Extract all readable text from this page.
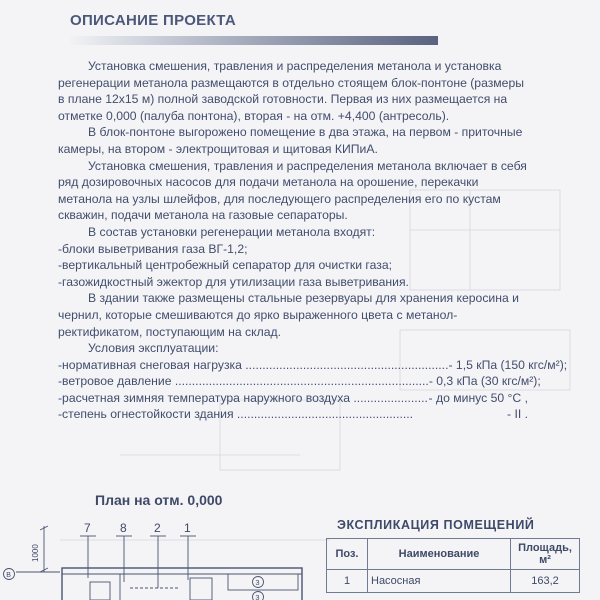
ОПИСАНИЕ ПРОЕКТА

Установка смешения, травления и распределения метанола и установка регенерации метанола размещаются в отдельно стоящем блок-понтоне (размеры в плане 12х15 м) полной заводской готовности. Первая из них размещается на отметке 0,000 (палуба понтона), вторая - на отм. +4,400 (антресоль).

В блок-понтоне выгорожено помещение в два этажа, на первом - приточные камеры, на втором - электрощитовая и щитовая КИПиА.

Установка смешения, травления и распределения метанола включает в себя ряд дозировочных насосов для подачи метанола на орошение, перекачки метанола на узлы шлейфов, для последующего распределения его по кустам скважин, подачи метанола на газовые сепараторы.

В состав установки регенерации метанола входят:

-блоки выветривания газа ВГ-1,2;

-вертикальный центробежный сепаратор для очистки газа;

-газожидкостный эжектор для утилизации газа выветривания.

В здании также размещены стальные резервуары для хранения керосина и чернил, которые смешиваются до ярко выраженного цвета с метанол-ректификатом, поступающим на склад.

Условия эксплуатации:

-нормативная снеговая нагрузка ............................................................ - 1,5 кПа (150 кгс/м²);
-ветровое давление ........................................................................... - 0,3 кПа (30 кгс/м²);
-расчетная зимняя температура наружного воздуха ...................... - до минус 50 °С ,
-степень огнестойкости здания ....................................................	- II .
План на отм. 0,000
1000
В
7 8 2 1
3
3
ЭКСПЛИКАЦИЯ ПОМЕЩЕНИЙ
Поз.	Наименование	Площадь, м²
1	Насосная	163,2
